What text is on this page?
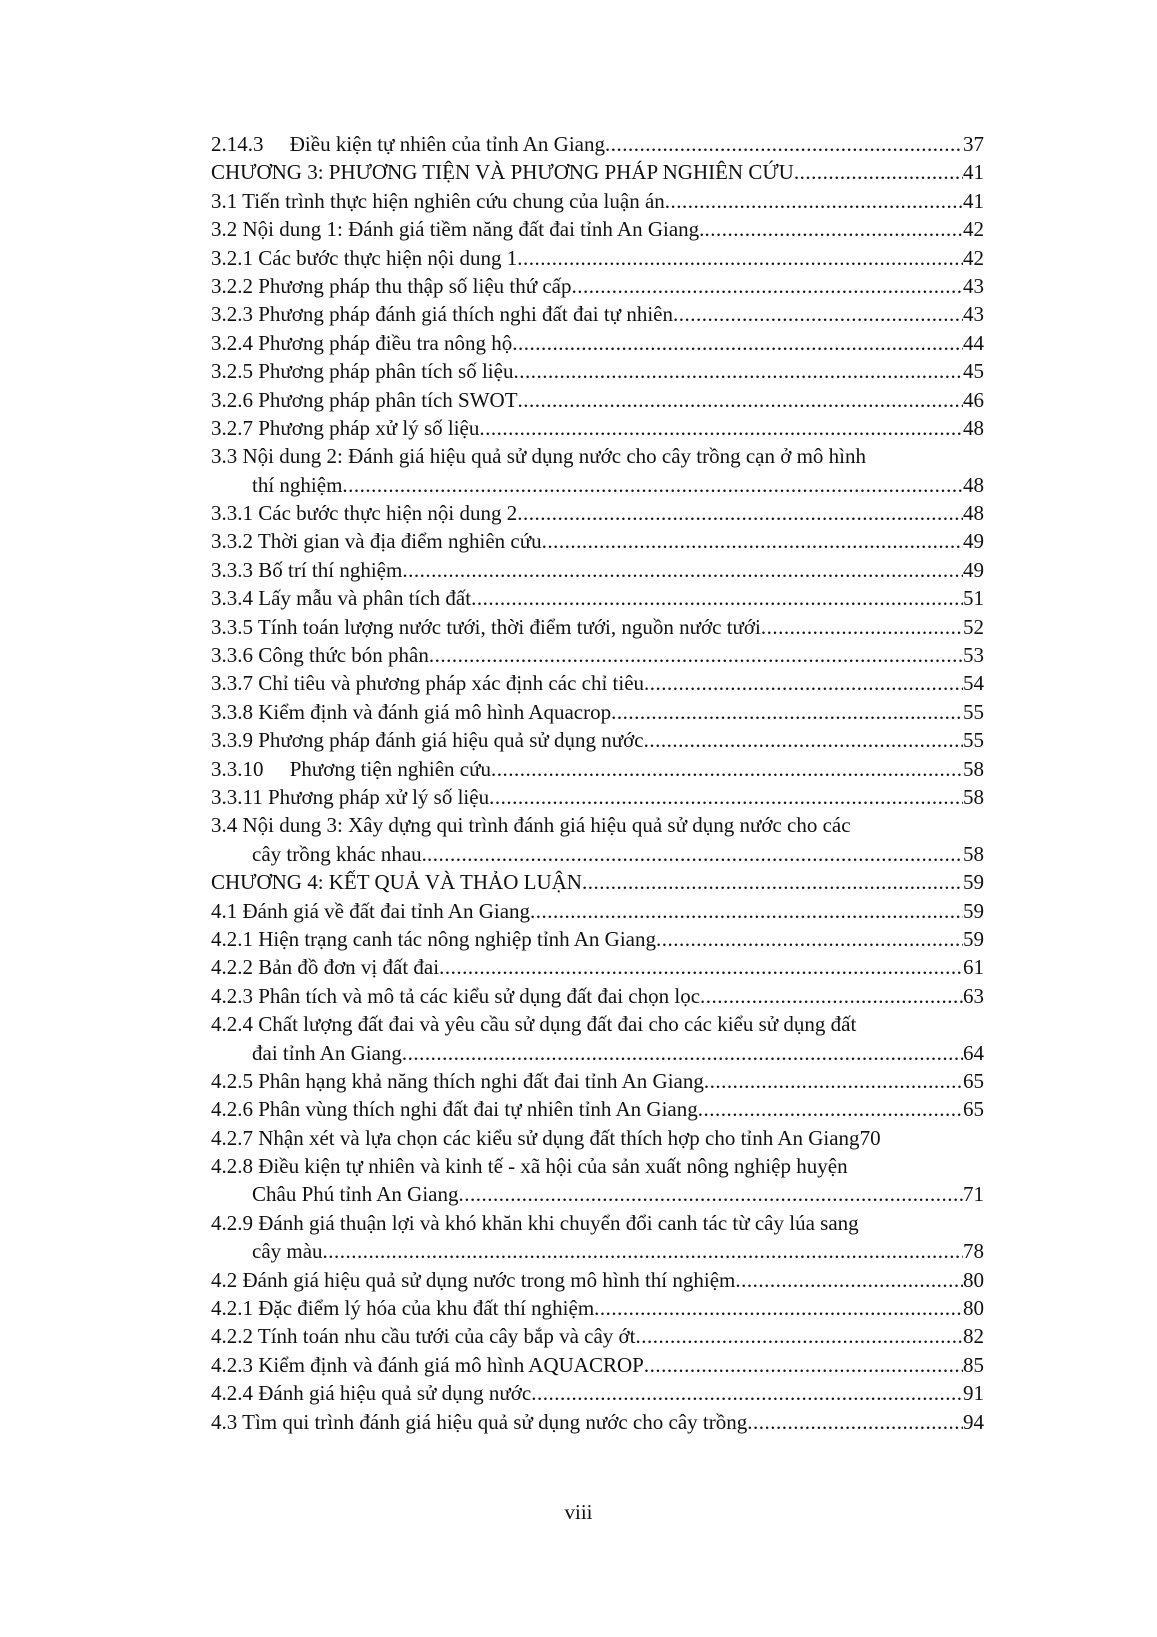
2.14.3  Điều kiện tự nhiên của tỉnh An Giang .....	37
CHƯƠNG 3: PHƯƠNG TIỆN VÀ PHƯƠNG PHÁP NGHIÊN CỨU .....	41
3.1 Tiến trình thực hiện nghiên cứu chung của luận án .....	41
3.2 Nội dung 1: Đánh giá tiềm năng đất đai tỉnh An Giang. .....	42
3.2.1 Các bước thực hiện nội dung 1 .....	42
3.2.2 Phương pháp thu thập số liệu thứ cấp .....	43
3.2.3 Phương pháp đánh giá thích nghi đất đai tự nhiên .....	43
3.2.4 Phương pháp điều tra nông hộ .....	44
3.2.5 Phương pháp phân tích số liệu .....	45
3.2.6 Phương pháp phân tích SWOT .....	46
3.2.7 Phương pháp xử lý số liệu .....	48
3.3 Nội dung 2: Đánh giá hiệu quả sử dụng nước cho cây trồng cạn ở mô hình
thí nghiệm .....	48
3.3.1 Các bước thực hiện nội dung 2 .....	48
3.3.2 Thời gian và địa điểm nghiên cứu .....	49
3.3.3 Bố trí thí nghiệm .....	49
3.3.4 Lấy mẫu và phân tích đất .....	51
3.3.5 Tính toán lượng nước tưới, thời điểm tưới, nguồn nước tưới .....	52
3.3.6 Công thức bón phân .....	53
3.3.7 Chỉ tiêu và phương pháp xác định các chỉ tiêu .....	54
3.3.8 Kiểm định và đánh giá mô hình Aquacrop .....	55
3.3.9 Phương pháp đánh giá hiệu quả sử dụng nước .....	55
3.3.10  Phương tiện nghiên cứu .....	58
3.3.11 Phương pháp xử lý số liệu .....	58
3.4 Nội dung 3: Xây dựng qui trình đánh giá hiệu quả sử dụng nước cho các
cây trồng khác nhau. .....	58
CHƯƠNG 4: KẾT QUẢ VÀ THẢO LUẬN .....	59
4.1 Đánh giá về đất đai tỉnh An Giang .....	59
4.2.1 Hiện trạng canh tác nông nghiệp tỉnh An Giang .....	59
4.2.2 Bản đồ đơn vị đất đai .....	61
4.2.3 Phân tích và mô tả các kiểu sử dụng đất đai chọn lọc .....	63
4.2.4 Chất lượng đất đai và yêu cầu sử dụng đất đai cho các kiểu sử dụng đất
đai tỉnh An Giang .....	64
4.2.5 Phân hạng khả năng thích nghi đất đai tỉnh An Giang .....	65
4.2.6 Phân vùng thích nghi đất đai tự nhiên tỉnh An Giang .....	65
4.2.7 Nhận xét và lựa chọn các kiểu sử dụng đất thích hợp cho tỉnh An Giang 70
4.2.8 Điều kiện tự nhiên và kinh tế - xã hội của sản xuất nông nghiệp huyện
Châu Phú tỉnh An Giang .....	71
4.2.9 Đánh giá thuận lợi và khó khăn khi chuyển đổi canh tác từ cây lúa sang
cây màu .....	78
4.2 Đánh giá hiệu quả sử dụng nước trong mô hình thí nghiệm .....	80
4.2.1 Đặc điểm lý hóa của khu đất thí nghiệm .....	80
4.2.2 Tính toán nhu cầu tưới của cây bắp và cây ớt .....	82
4.2.3 Kiểm định và đánh giá mô hình AQUACROP .....	85
4.2.4 Đánh giá hiệu quả sử dụng nước .....	91
4.3 Tìm qui trình đánh giá hiệu quả sử dụng nước cho cây trồng .....	94
viii
